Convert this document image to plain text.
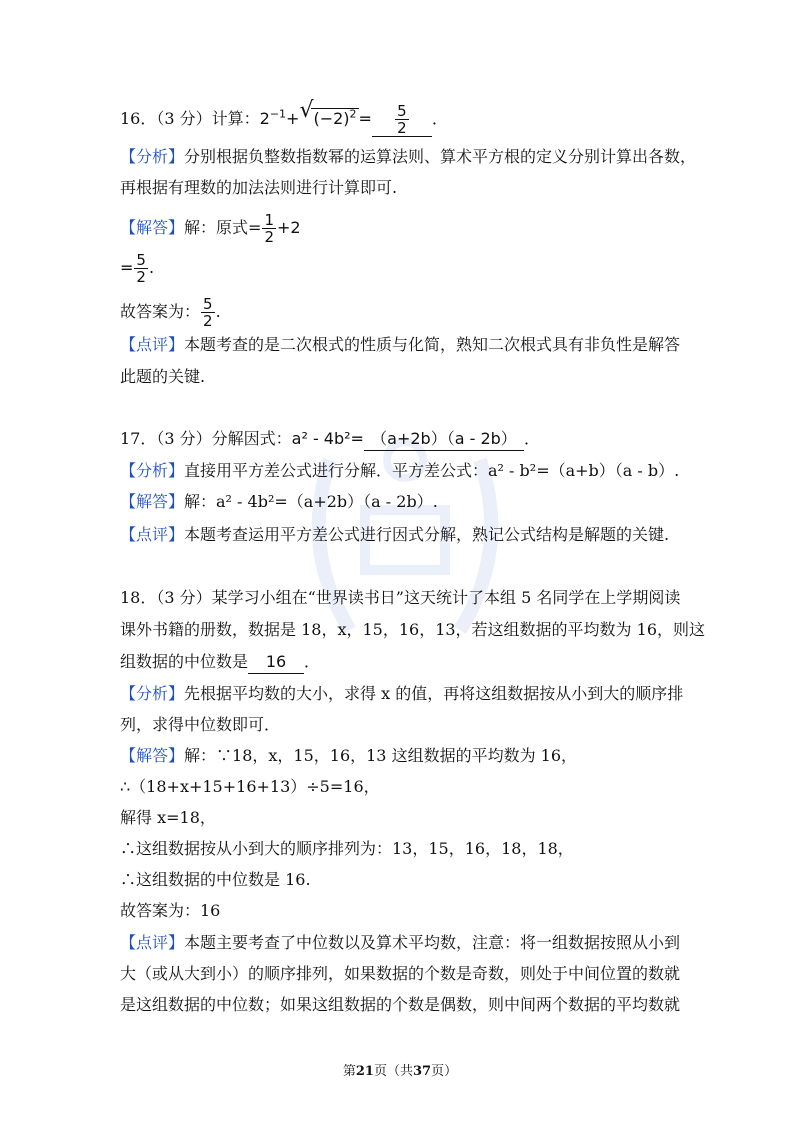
16．（3 分）计算：$2^{-1}+$ √ $(-2)^2 = \frac{5}{2}$ ．
【分析】分别根据负整数指数幂的运算法则、算术平方根的定义分别计算出各数，
再根据有理数的加法法则进行计算即可.
【解答】解：原式= $\frac{1}{2} +2$
= $\frac{5}{2}$ .
故答案为： $\frac{5}{2}$ .
【点评】本题考查的是二次根式的性质与化简，熟知二次根式具有非负性是解答
此题的关键.
17．（3 分）分解因式：a² - 4b²= （a+2b）（a - 2b） ．
【分析】直接用平方差公式进行分解．平方差公式：a² - b²=（a+b）（a - b）.
【解答】解：a² - 4b²=（a+2b）（a - 2b）.
【点评】本题考查运用平方差公式进行因式分解，熟记公式结构是解题的关键.
18．（3 分）某学习小组在“世界读书日”这天统计了本组 5 名同学在上学期阅读
课外书籍的册数，数据是 18，x，15，16，13，若这组数据的平均数为 16，则这
组数据的中位数是 16 ．
【分析】先根据平均数的大小，求得 x 的值，再将这组数据按从小到大的顺序排
列，求得中位数即可．
【解答】解：∵18，x，15，16，13 这组数据的平均数为 16，
∴（18+x+15+16+13）÷5=16，
解得 x=18，
∴这组数据按从小到大的顺序排列为：13，15，16，18，18，
∴这组数据的中位数是 16.
故答案为：16
【点评】本题主要考查了中位数以及算术平均数，注意：将一组数据按照从小到
大（或从大到小）的顺序排列，如果数据的个数是奇数，则处于中间位置的数就
是这组数据的中位数；如果这组数据的个数是偶数，则中间两个数据的平均数就
第21页（共37页）
